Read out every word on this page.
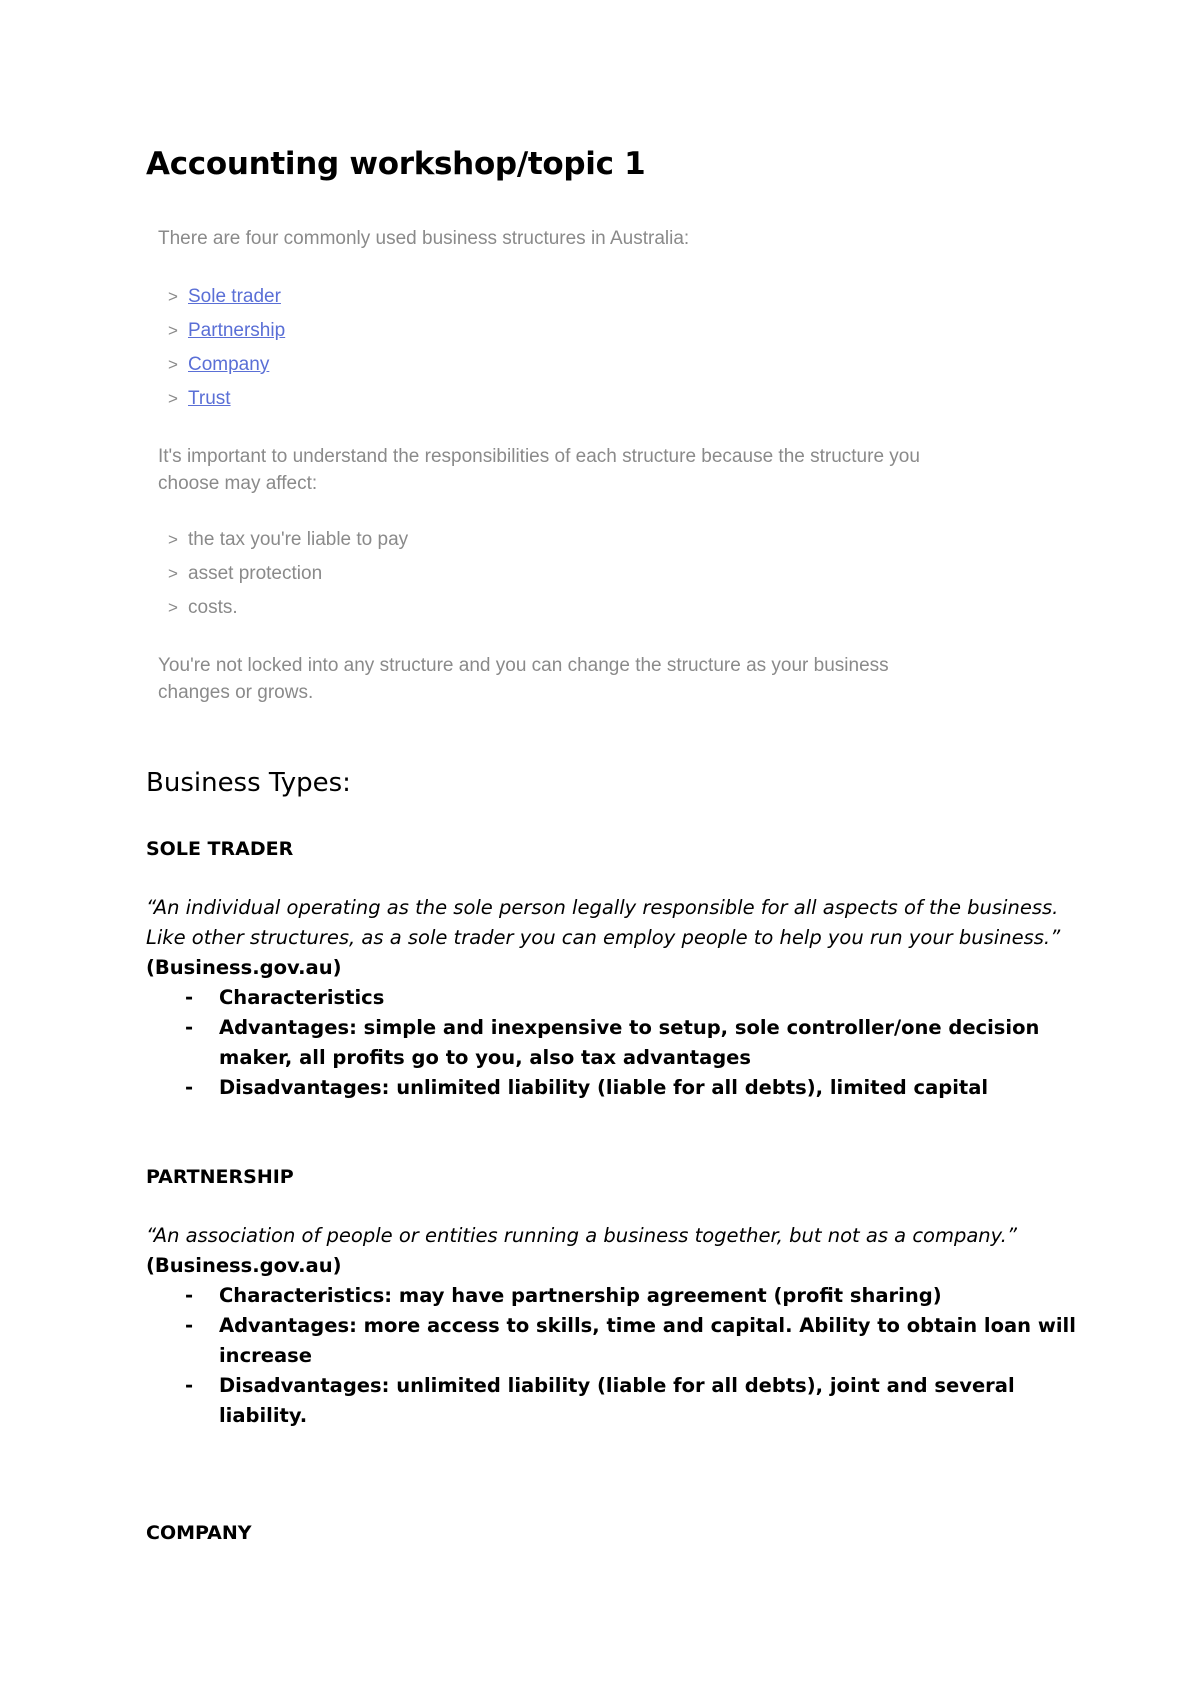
Accounting workshop/topic 1

There are four commonly used business structures in Australia:

> Sole trader
> Partnership
> Company
> Trust

It's important to understand the responsibilities of each structure because the structure you choose may affect:

> the tax you're liable to pay
> asset protection
> costs.

You're not locked into any structure and you can change the structure as your business changes or grows.

Business Types:
SOLE TRADER

“An individual operating as the sole person legally responsible for all aspects of the business. Like other structures, as a sole trader you can employ people to help you run your business.”
(Business.gov.au)

- Characteristics
- Advantages: simple and inexpensive to setup, sole controller/one decision maker, all profits go to you, also tax advantages
- Disadvantages: unlimited liability (liable for all debts), limited capital
PARTNERSHIP

“An association of people or entities running a business together, but not as a company.”
(Business.gov.au)

- Characteristics: may have partnership agreement (profit sharing)
- Advantages: more access to skills, time and capital. Ability to obtain loan will increase
- Disadvantages: unlimited liability (liable for all debts), joint and several liability.
COMPANY
